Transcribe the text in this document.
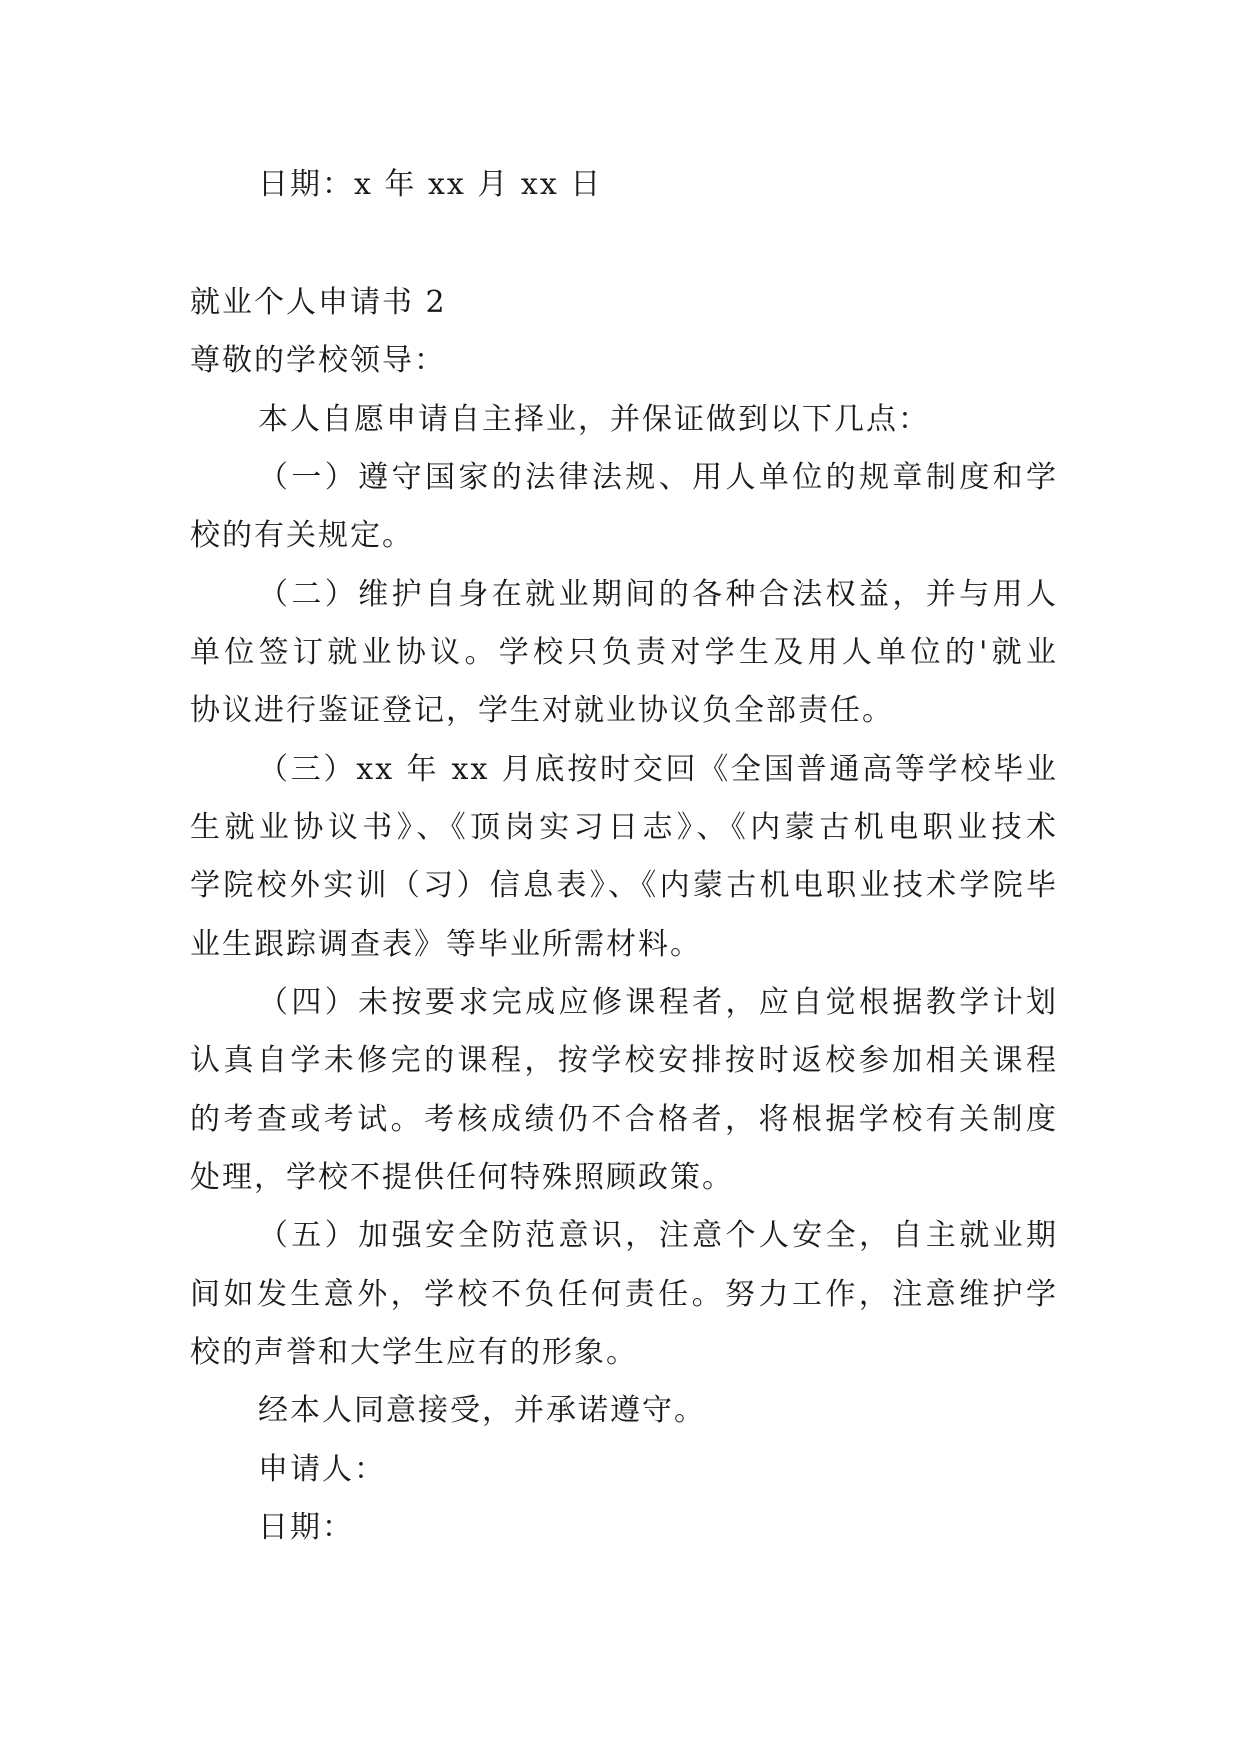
日期：x 年 xx 月 xx 日
就业个人申请书 2
尊敬的学校领导：
本人自愿申请自主择业，并保证做到以下几点：
（一）遵守国家的法律法规、用人单位的规章制度和学
校的有关规定。
（二）维护自身在就业期间的各种合法权益，并与用人
单位签订就业协议。学校只负责对学生及用人单位的'就业
协议进行鉴证登记，学生对就业协议负全部责任。
（三）xx 年 xx 月底按时交回《全国普通高等学校毕业
生就业协议书》、《顶岗实习日志》、《内蒙古机电职业技术
学院校外实训（习）信息表》、《内蒙古机电职业技术学院毕
业生跟踪调查表》等毕业所需材料。
（四）未按要求完成应修课程者，应自觉根据教学计划
认真自学未修完的课程，按学校安排按时返校参加相关课程
的考查或考试。考核成绩仍不合格者，将根据学校有关制度
处理，学校不提供任何特殊照顾政策。
（五）加强安全防范意识，注意个人安全，自主就业期
间如发生意外，学校不负任何责任。努力工作，注意维护学
校的声誉和大学生应有的形象。
经本人同意接受，并承诺遵守。
申请人：
日期：
